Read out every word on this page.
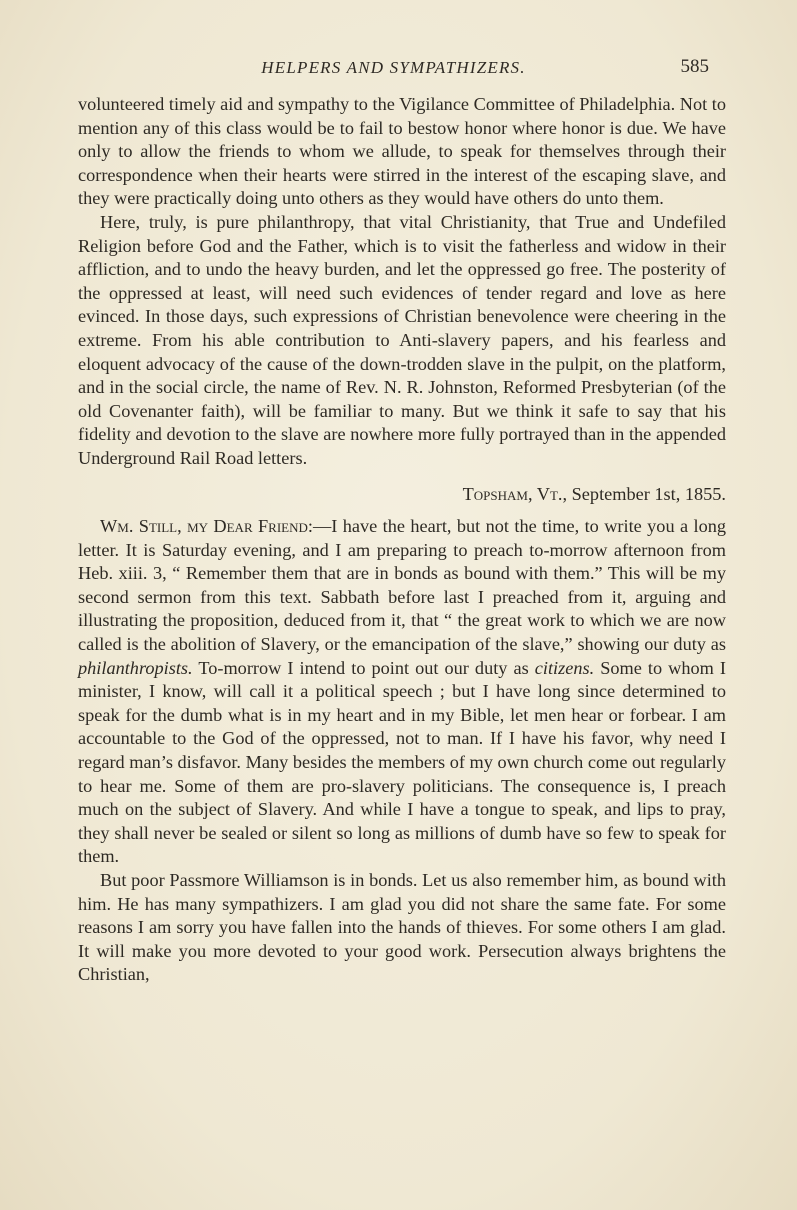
HELPERS AND SYMPATHIZERS.	585

volunteered timely aid and sympathy to the Vigilance Committee of Philadelphia. Not to mention any of this class would be to fail to bestow honor where honor is due. We have only to allow the friends to whom we allude, to speak for themselves through their correspondence when their hearts were stirred in the interest of the escaping slave, and they were practically doing unto others as they would have others do unto them.

Here, truly, is pure philanthropy, that vital Christianity, that True and Undefiled Religion before God and the Father, which is to visit the fatherless and widow in their affliction, and to undo the heavy burden, and let the oppressed go free. The posterity of the oppressed at least, will need such evidences of tender regard and love as here evinced. In those days, such expressions of Christian benevolence were cheering in the extreme. From his able contribution to Anti-slavery papers, and his fearless and eloquent advocacy of the cause of the down-trodden slave in the pulpit, on the platform, and in the social circle, the name of Rev. N. R. Johnston, Reformed Presbyterian (of the old Covenanter faith), will be familiar to many. But we think it safe to say that his fidelity and devotion to the slave are nowhere more fully portrayed than in the appended Underground Rail Road letters.

Topsham, Vt., September 1st, 1855.

Wm. Still, my Dear Friend:—I have the heart, but not the time, to write you a long letter. It is Saturday evening, and I am preparing to preach to-morrow afternoon from Heb. xiii. 3, “ Remember them that are in bonds as bound with them.” This will be my second sermon from this text. Sabbath before last I preached from it, arguing and illustrating the proposition, deduced from it, that “ the great work to which we are now called is the abolition of Slavery, or the emancipation of the slave,” showing our duty as philanthropists. To-morrow I intend to point out our duty as citizens. Some to whom I minister, I know, will call it a political speech ; but I have long since determined to speak for the dumb what is in my heart and in my Bible, let men hear or forbear. I am accountable to the God of the oppressed, not to man. If I have his favor, why need I regard man’s disfavor. Many besides the members of my own church come out regularly to hear me. Some of them are pro-slavery politicians. The consequence is, I preach much on the subject of Slavery. And while I have a tongue to speak, and lips to pray, they shall never be sealed or silent so long as millions of dumb have so few to speak for them.

But poor Passmore Williamson is in bonds. Let us also remember him, as bound with him. He has many sympathizers. I am glad you did not share the same fate. For some reasons I am sorry you have fallen into the hands of thieves. For some others I am glad. It will make you more devoted to your good work. Persecution always brightens the Christian,
